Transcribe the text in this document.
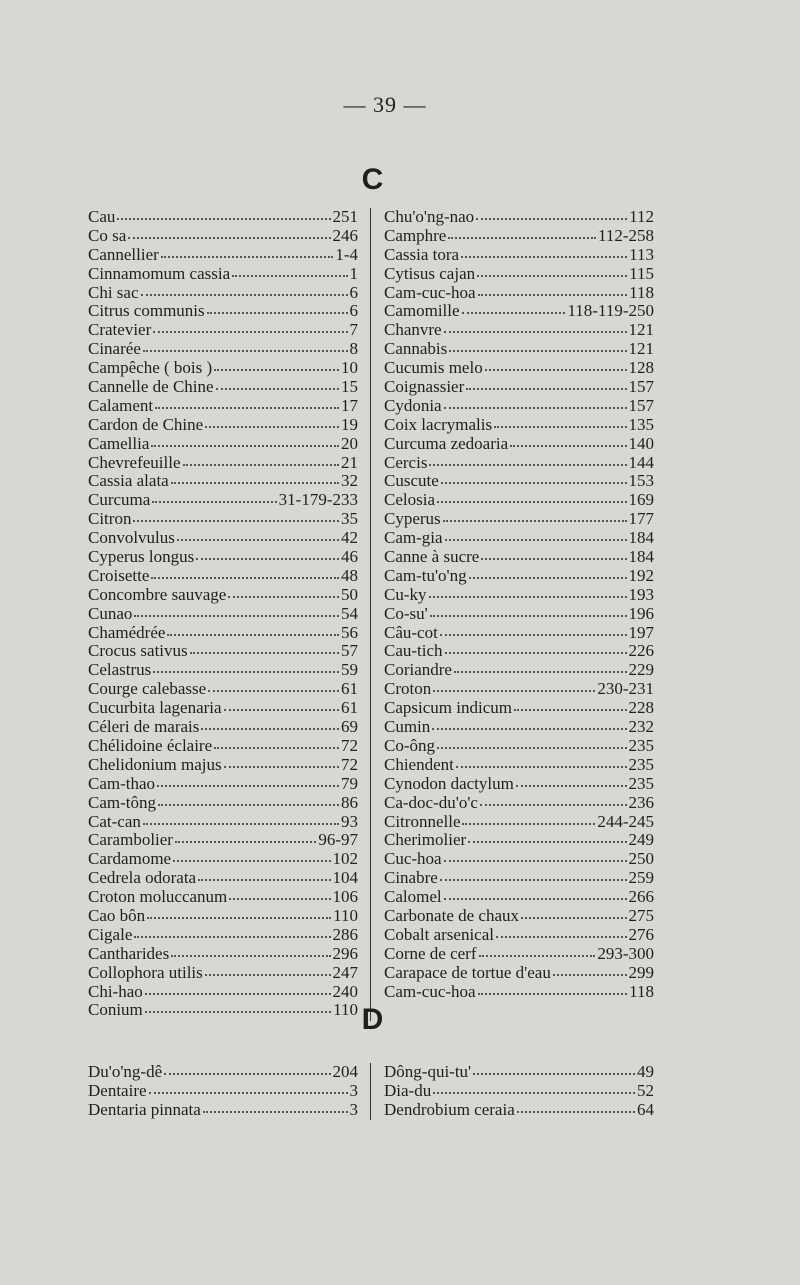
— 39 —
C
Cau	251
Co sa	246
Cannellier	1-4
Cinnamomum cassia	1
Chi sac	6
Citrus communis	6
Cratevier	7
Cinarée	8
Campêche ( bois )	10
Cannelle de Chine	15
Calament	17
Cardon de Chine	19
Camellia	20
Chevrefeuille	21
Cassia alata	32
Curcuma	31-179-233
Citron	35
Convolvulus	42
Cyperus longus	46
Croisette	48
Concombre sauvage	50
Cunao	54
Chamédrée	56
Crocus sativus	57
Celastrus	59
Courge calebasse	61
Cucurbita lagenaria	61
Céleri de marais	69
Chélidoine éclaire	72
Chelidonium majus	72
Cam-thao	79
Cam-tông	86
Cat-can	93
Carambolier	96-97
Cardamome	102
Cedrela odorata	104
Croton moluccanum	106
Cao bôn	110
Cigale	286
Cantharides	296
Collophora utilis	247
Chi-hao	240
Conium	110
Chu'o'ng-nao	112
Camphre	112-258
Cassia tora	113
Cytisus cajan	115
Cam-cuc-hoa	118
Camomille	118-119-250
Chanvre	121
Cannabis	121
Cucumis melo	128
Coignassier	157
Cydonia	157
Coix lacrymalis	135
Curcuma zedoaria	140
Cercis	144
Cuscute	153
Celosia	169
Cyperus	177
Cam-gia	184
Canne à sucre	184
Cam-tu'o'ng	192
Cu-ky	193
Co-su'	196
Câu-cot	197
Cau-tich	226
Coriandre	229
Croton	230-231
Capsicum indicum	228
Cumin	232
Co-ông	235
Chiendent	235
Cynodon dactylum	235
Ca-doc-du'o'c	236
Citronnelle	244-245
Cherimolier	249
Cuc-hoa	250
Cinabre	259
Calomel	266
Carbonate de chaux	275
Cobalt arsenical	276
Corne de cerf	293-300
Carapace de tortue d'eau	299
Cam-cuc-hoa	118
D
Du'o'ng-dê	204
Dentaire	3
Dentaria pinnata	3
Dông-qui-tu'	49
Dia-du	52
Dendrobium ceraia	64
